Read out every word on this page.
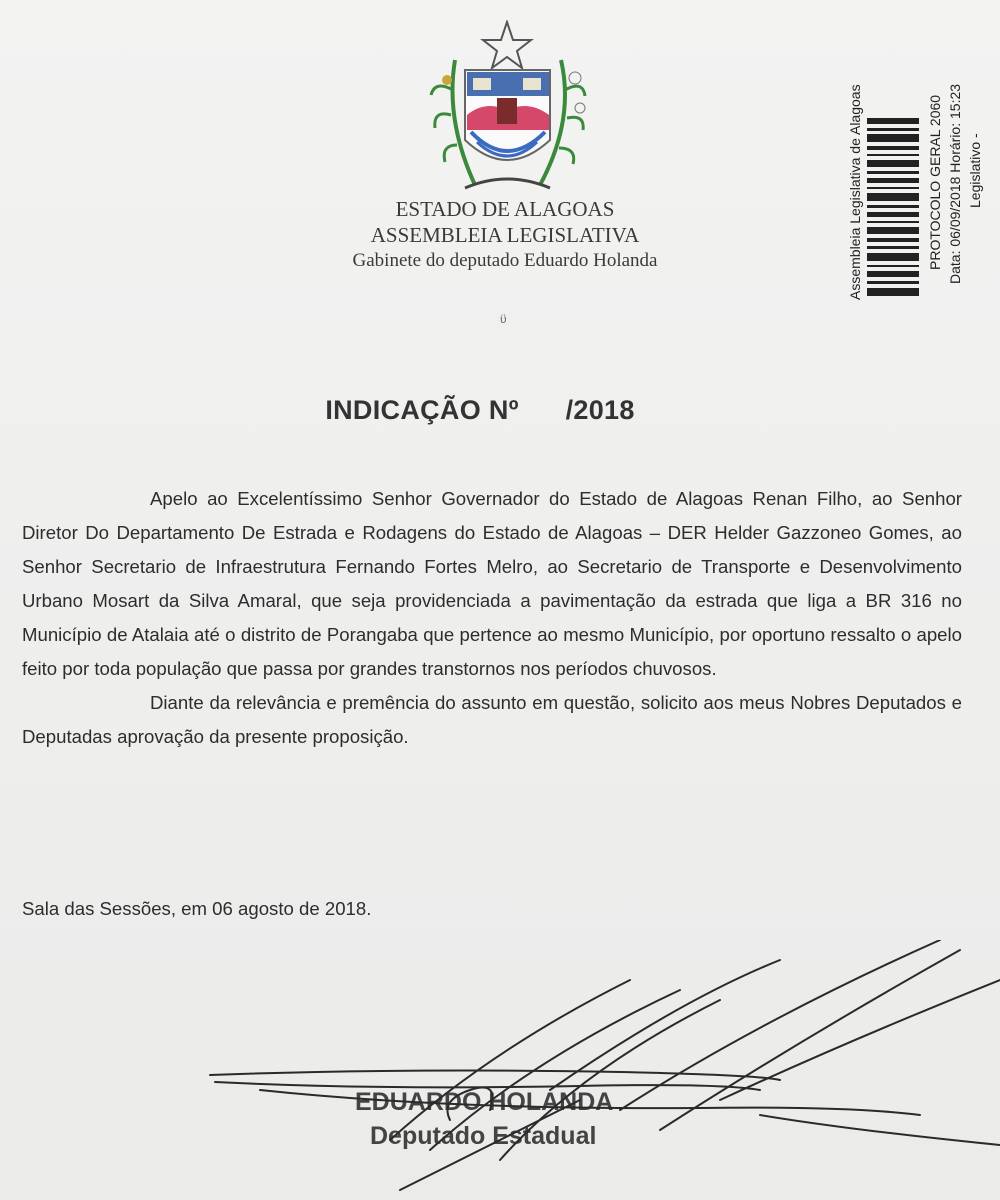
ESTADO DE ALAGOAS
ASSEMBLEIA LEGISLATIVA
Gabinete do deputado Eduardo Holanda
ϋ
Assembleia Legislativa de Alagoas	PROTOCOLO GERAL 2060 Data: 06/09/2018 Horário: 15:23 Legislativo -
INDICAÇÃO Nº      /2018

Apelo ao Excelentíssimo Senhor Governador do Estado de Alagoas Renan Filho, ao Senhor Diretor Do Departamento De Estrada e Rodagens do Estado de Alagoas – DER Helder Gazzoneo Gomes, ao Senhor Secretario de Infraestrutura Fernando Fortes Melro, ao Secretario de Transporte e Desenvolvimento Urbano Mosart da Silva Amaral, que seja providenciada a pavimentação da estrada que liga a BR 316 no Município de Atalaia até o distrito de Porangaba que pertence ao mesmo Município, por oportuno ressalto o apelo feito por toda população que passa por grandes transtornos nos períodos chuvosos.

Diante da relevância e premência do assunto em questão, solicito aos meus Nobres Deputados e Deputadas aprovação da presente proposição.

Sala das Sessões, em 06 agosto de 2018.
EDUARDO HOLANDA
Deputado Estadual
